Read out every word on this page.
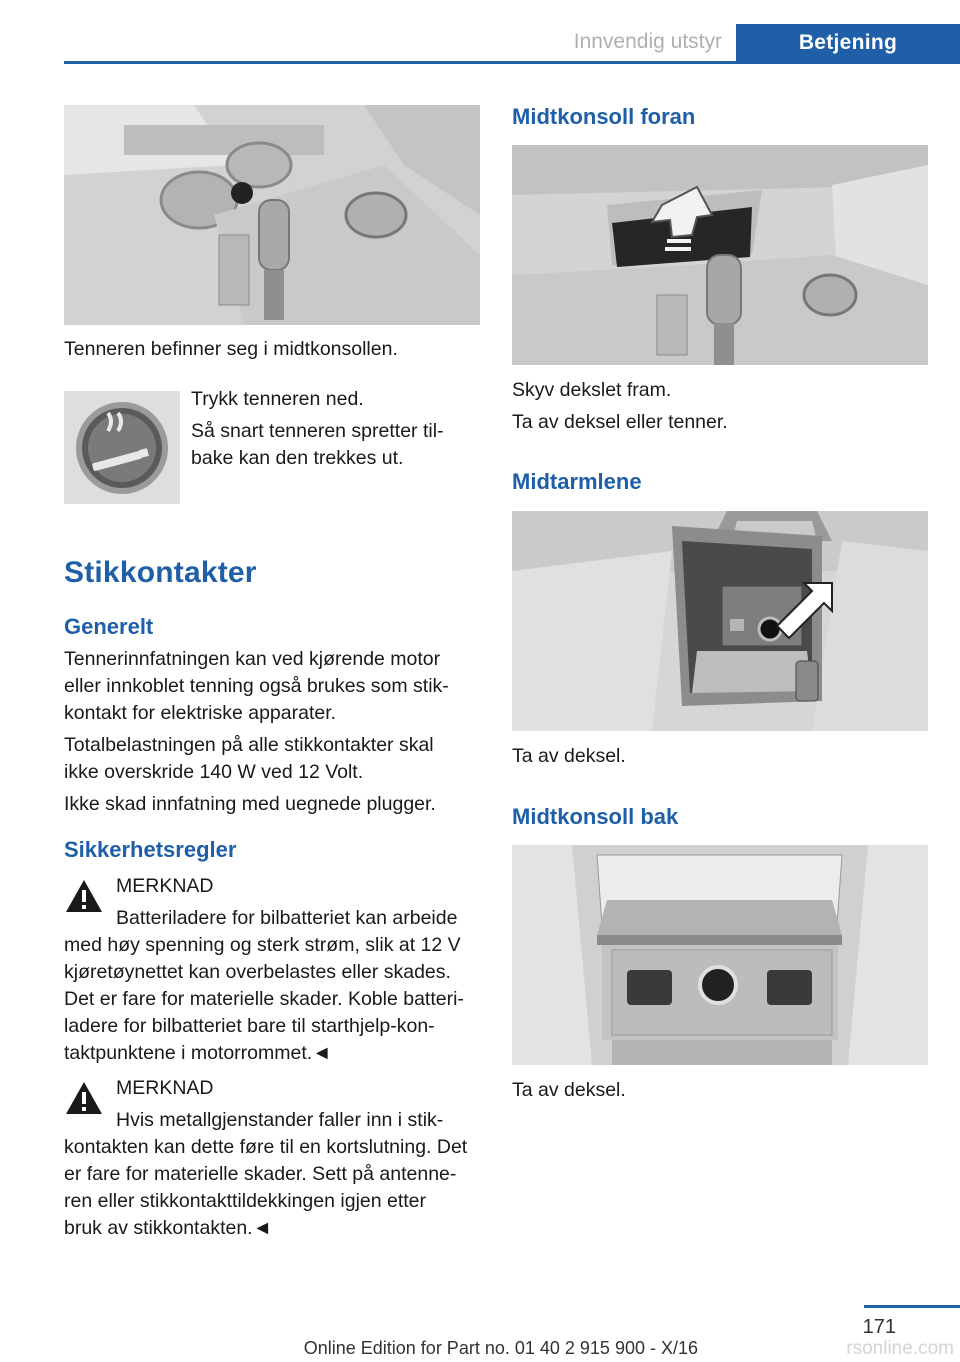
Innvendig utstyr	Betjening

Tenneren befinner seg i midtkonsollen.

Trykk tenneren ned.

Så snart tenneren spretter til-

bake kan den trekkes ut.

Stikkontakter
Generelt

Tennerinnfatningen kan ved kjørende motor

eller innkoblet tenning også brukes som stik-

kontakt for elektriske apparater.

Totalbelastningen på alle stikkontakter skal

ikke overskride 140 W ved 12 Volt.

Ikke skad innfatning med uegnede plugger.

Sikkerhetsregler

MERKNAD

Batteriladere for bilbatteriet kan arbeide

med høy spenning og sterk strøm, slik at 12 V

kjøretøynettet kan overbelastes eller skades.

Det er fare for materielle skader. Koble batteri-

ladere for bilbatteriet bare til starthjelp-kon-

taktpunktene i motorrommet.◄

MERKNAD

Hvis metallgjenstander faller inn i stik-

kontakten kan dette føre til en kortslutning. Det

er fare for materielle skader. Sett på antenne-

ren eller stikkontakttildekkingen igjen etter

bruk av stikkontakten.◄

Midtkonsoll foran

Skyv dekslet fram.

Ta av deksel eller tenner.

Midtarmlene

Ta av deksel.

Midtkonsoll bak

Ta av deksel.

171
Online Edition for Part no. 01 40 2 915 900 - X/16	rsonline.com
